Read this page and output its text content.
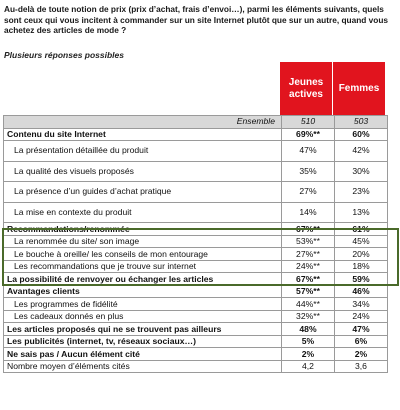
Au-delà de toute notion de prix (prix d’achat, frais d’envoi…), parmi les éléments suivants, quels sont ceux qui vous incitent à commander sur un site Internet plutôt que sur un autre, quand vous achetez des articles de mode ?
Plusieurs réponses possibles
Jeunes actives
Femmes
Ensemble	510	503
Contenu du site Internet	69%**	60%
La présentation détaillée du produit	47%	42%
La qualité des visuels proposés	35%	30%
La présence d’un guides d’achat pratique	27%	23%
La mise en contexte du produit	14%	13%
Recommandations/renommée	67%**	61%
La renommée du site/ son image	53%**	45%
Le bouche à oreille/ les conseils de mon entourage	27%**	20%
Les recommandations que je trouve sur internet	24%**	18%
La possibilité de renvoyer ou échanger les articles	67%**	59%
Avantages clients	57%**	46%
Les programmes de fidélité	44%**	34%
Les cadeaux donnés en plus	32%**	24%
Les articles proposés qui ne se trouvent pas ailleurs	48%	47%
Les publicités (internet, tv, réseaux sociaux…)	5%	6%
Ne sais pas / Aucun élément cité	2%	2%
Nombre moyen d’éléments cités	4,2	3,6
